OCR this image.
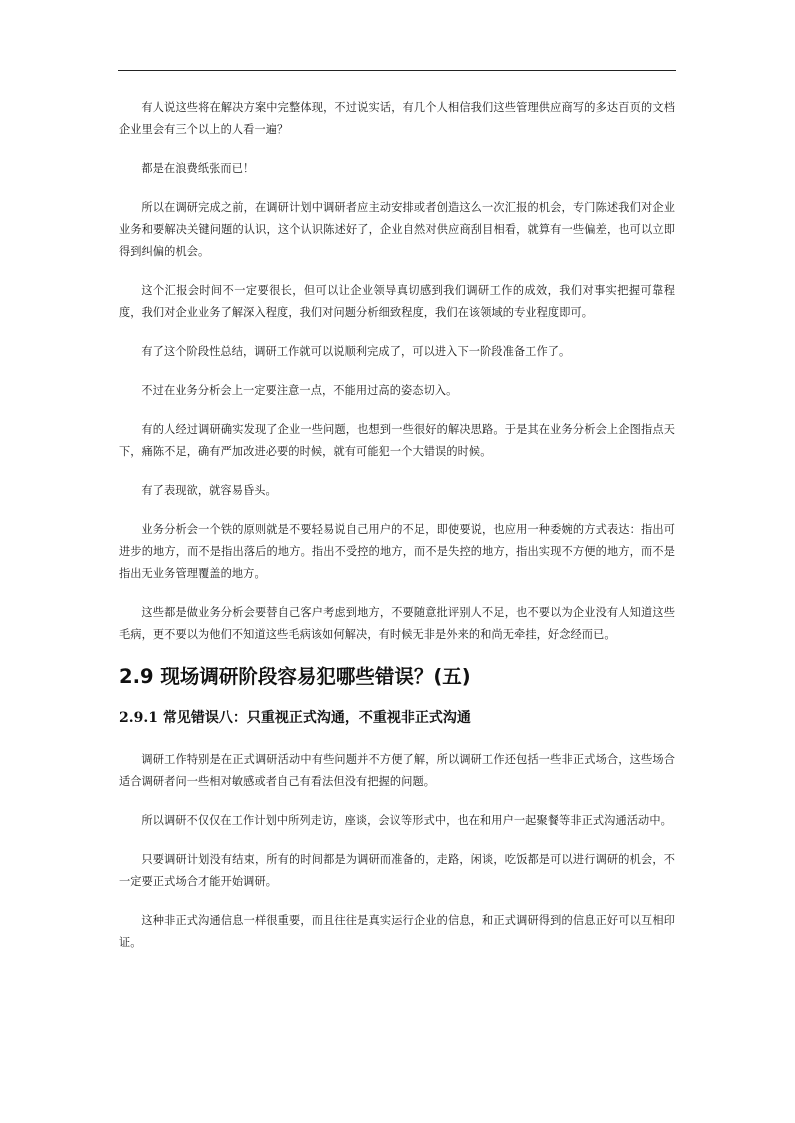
有人说这些将在解决方案中完整体现，不过说实话，有几个人相信我们这些管理供应商写的多达百页的文档企业里会有三个以上的人看一遍？

都是在浪费纸张而已！

所以在调研完成之前，在调研计划中调研者应主动安排或者创造这么一次汇报的机会，专门陈述我们对企业业务和要解决关键问题的认识，这个认识陈述好了，企业自然对供应商刮目相看，就算有一些偏差，也可以立即得到纠偏的机会。

这个汇报会时间不一定要很长，但可以让企业领导真切感到我们调研工作的成效，我们对事实把握可靠程度，我们对企业业务了解深入程度，我们对问题分析细致程度，我们在该领域的专业程度即可。

有了这个阶段性总结，调研工作就可以说顺利完成了，可以进入下一阶段准备工作了。

不过在业务分析会上一定要注意一点，不能用过高的姿态切入。

有的人经过调研确实发现了企业一些问题，也想到一些很好的解决思路。于是其在业务分析会上企图指点天下，痛陈不足，确有严加改进必要的时候，就有可能犯一个大错误的时候。

有了表现欲，就容易昏头。

业务分析会一个铁的原则就是不要轻易说自己用户的不足，即使要说，也应用一种委婉的方式表达：指出可进步的地方，而不是指出落后的地方。指出不受控的地方，而不是失控的地方，指出实现不方便的地方，而不是指出无业务管理覆盖的地方。

这些都是做业务分析会要替自己客户考虑到地方，不要随意批评别人不足，也不要以为企业没有人知道这些毛病，更不要以为他们不知道这些毛病该如何解决，有时候无非是外来的和尚无牵挂，好念经而已。

2.9 现场调研阶段容易犯哪些错误？(五)
2.9.1 常见错误八：只重视正式沟通，不重视非正式沟通

调研工作特别是在正式调研活动中有些问题并不方便了解，所以调研工作还包括一些非正式场合，这些场合适合调研者问一些相对敏感或者自己有看法但没有把握的问题。

所以调研不仅仅在工作计划中所列走访，座谈，会议等形式中，也在和用户一起聚餐等非正式沟通活动中。

只要调研计划没有结束，所有的时间都是为调研而准备的，走路，闲谈，吃饭都是可以进行调研的机会，不一定要正式场合才能开始调研。

这种非正式沟通信息一样很重要，而且往往是真实运行企业的信息，和正式调研得到的信息正好可以互相印证。
